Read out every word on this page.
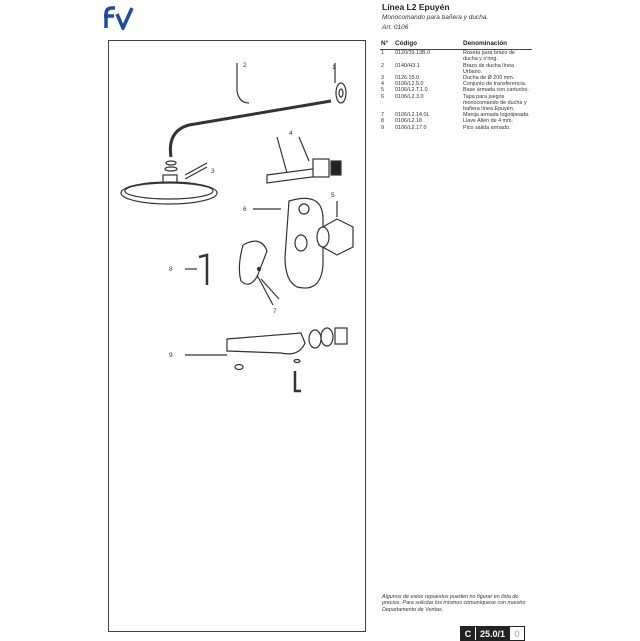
Línea L2 Epuyén
Monocomando para bañera y ducha.
Art. 0106
1
2
3
4
5
6
7
8
9
N°	Código	Denominación
1	0120/39.13B.0	Roseta para brazo de ducha y o'ring.
2	0140/H3.1	Brazo de ducha línea Urbano.
3	0126.15.0	Ducha de Ø 200 mm.
4	0106/L2.5.0	Conjunto de transferencia.
5	0106/L2.T.1.0	Base armada con cartucho.
6	0106/L2.3.0	Tapa para juegos monocomando de ducha y bañera línea Epuyén.
7	0106/L2.14.0L	Manija armada logotipeada.
8	0106/L2.18	Llave Allen de 4 mm.
9	0106/L2.17.0	Pico salida armado.
Algunos de estos repuestos pueden no figurar en lista de precios. Para solicitar los mismos comuníquese con nuestro Departamento de Ventas.
C 25.0/1	0
